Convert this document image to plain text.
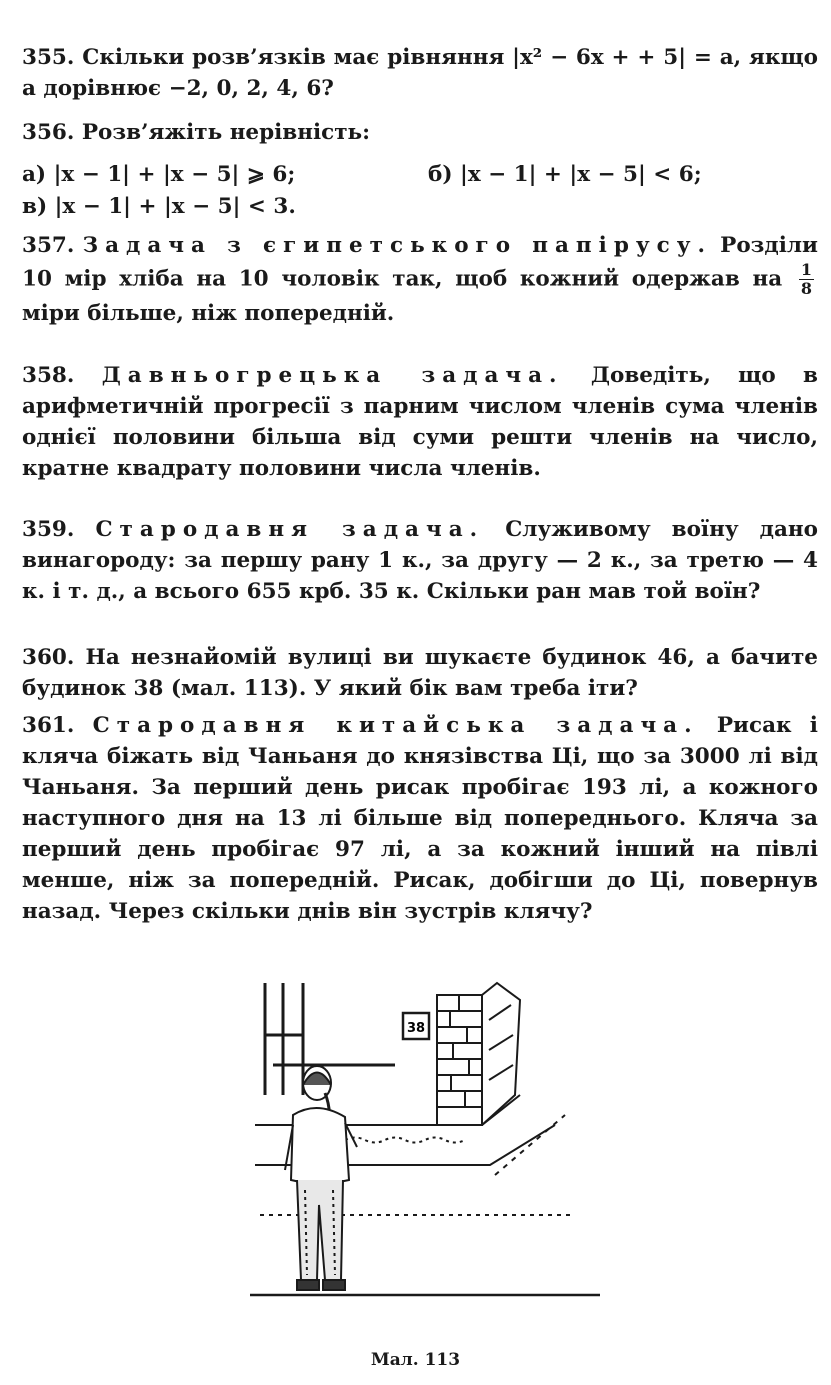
355. Скільки розв’язків має рівняння |x² − 6x + + 5| = a, якщо a дорівнює −2, 0, 2, 4, 6?
356. Розв’яжіть нерівність:
а) |x − 1| + |x − 5| ⩾ 6;	б) |x − 1| + |x − 5| < 6;
в) |x − 1| + |x − 5| < 3.
357. Задача з єгипетського папірусу. Розділи 10 мір хліба на 10 чоловік так, щоб кожний одержав на $\frac{1}{8}$
міри більше, ніж попередній.
358. Давньогрецька задача. Доведіть, що в арифметичній прогресії з парним числом членів сума членів однієї половини більша від суми решти членів на число, кратне квадрату половини числа членів.
359. Стародавня задача. Служивому воїну дано винагороду: за першу рану 1 к., за другу — 2 к., за третю — 4 к. і т. д., а всього 655 крб. 35 к. Скільки ран мав той воїн?
360. На незнайомій вулиці ви шукаєте будинок 46, а бачите будинок 38 (мал. 113). У який бік вам треба іти?
361. Стародавня китайська задача. Рисак і кляча біжать від Чаньаня до князівства Ці, що за 3000 лі від Чаньаня. За перший день рисак пробігає 193 лі, а кожного наступного дня на 13 лі більше від попереднього. Кляча за перший день пробігає 97 лі, а за кожний інший на півлі менше, ніж за попередній. Рисак, добігши до Ці, повернув назад. Через скільки днів він зустрів клячу?
38
Мал. 113
